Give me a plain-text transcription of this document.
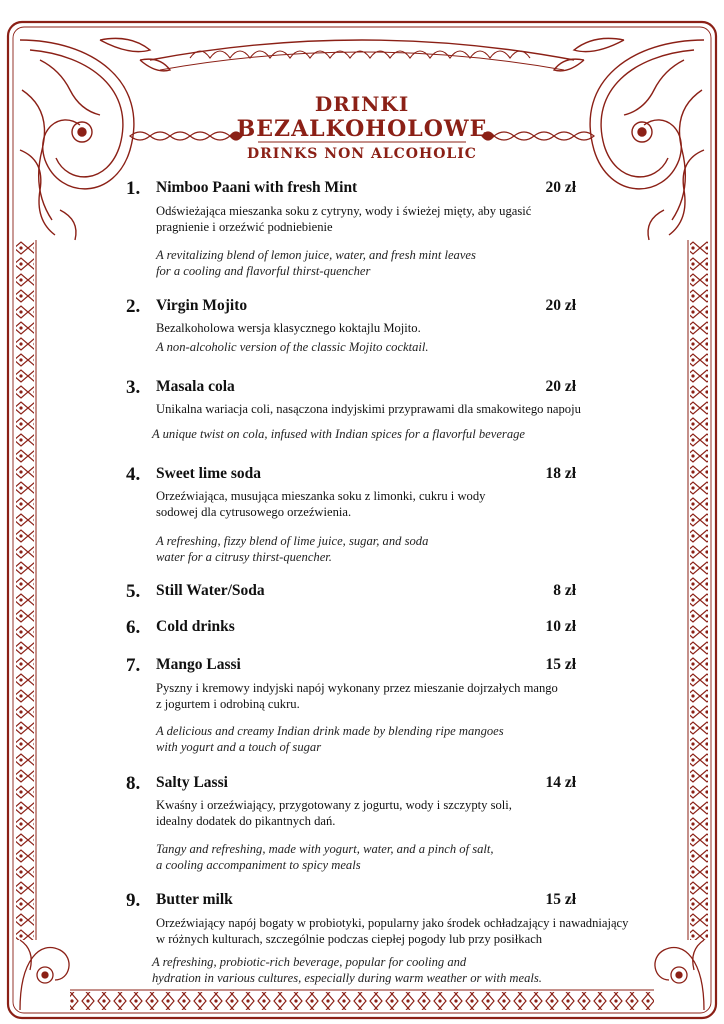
DRINKI
BEZALKOHOLOWE
DRINKS NON ALCOHOLIC
1. Nimboo Paani with fresh Mint	20 zł
Odświeżająca mieszanka soku z cytryny, wody i świeżej mięty, aby ugasić
pragnienie i orzeźwić podniebienie
A revitalizing blend of lemon juice, water, and fresh mint leaves
for a cooling and flavorful thirst-quencher
2. Virgin Mojito	20 zł
Bezalkoholowa wersja klasycznego koktajlu Mojito.
A non-alcoholic version of the classic Mojito cocktail.
3. Masala cola	20 zł
Unikalna wariacja coli, nasączona indyjskimi przyprawami dla smakowitego napoju
A unique twist on cola, infused with Indian spices for a flavorful beverage
4. Sweet lime soda	18 zł
Orzeźwiająca, musująca mieszanka soku z limonki, cukru i wody
sodowej dla cytrusowego orzeźwienia.
A refreshing, fizzy blend of lime juice, sugar, and soda
water for a citrusy thirst-quencher.
5. Still Water/Soda	8 zł
6. Cold drinks	10 zł
7. Mango Lassi	15 zł
Pyszny i kremowy indyjski napój wykonany przez mieszanie dojrzałych mango
z jogurtem i odrobiną cukru.
A delicious and creamy Indian drink made by blending ripe mangoes
with yogurt and a touch of sugar
8. Salty Lassi	14 zł
Kwaśny i orzeźwiający, przygotowany z jogurtu, wody i szczypty soli,
idealny dodatek do pikantnych dań.
Tangy and refreshing, made with yogurt, water, and a pinch of salt,
a cooling accompaniment to spicy meals
9. Butter milk	15 zł
Orzeźwiający napój bogaty w probiotyki, popularny jako środek ochładzający i nawadniający
w różnych kulturach, szczególnie podczas ciepłej pogody lub przy posiłkach
A refreshing, probiotic-rich beverage, popular for cooling and
hydration in various cultures, especially during warm weather or with meals.
